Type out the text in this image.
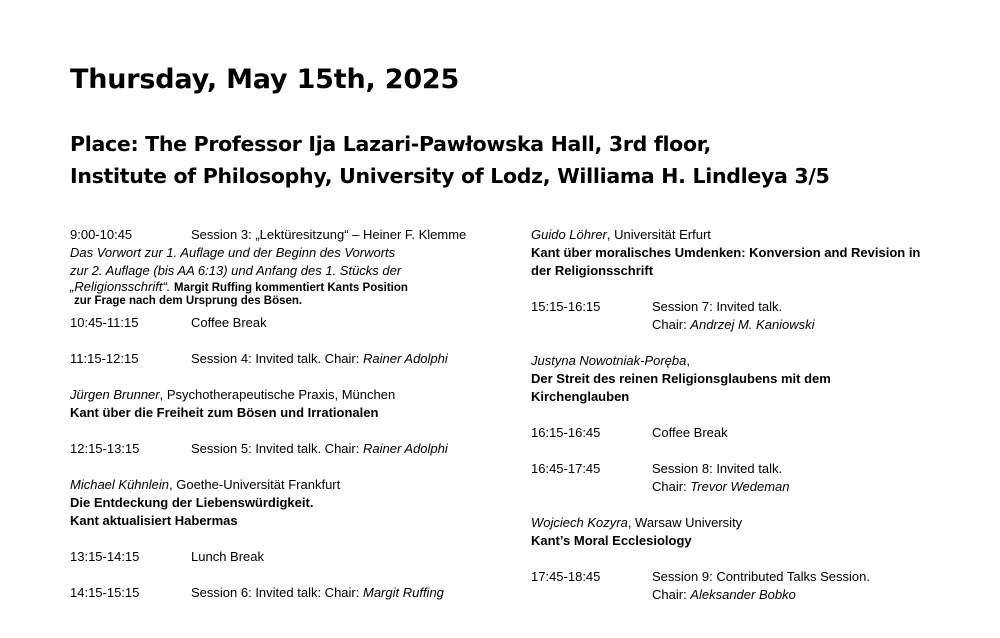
Thursday, May 15th, 2025
Place: The Professor Ija Lazari-Pawłowska Hall, 3rd floor,
Institute of Philosophy, University of Lodz, Williama H. Lindleya 3/5
9:00-10:45	Session 3: „Lektüresitzung“ – Heiner F. Klemme
Das Vorwort zur 1. Auflage und der Beginn des Vorworts
zur 2. Auflage (bis AA 6:13) und Anfang des 1. Stücks der
„Religionsschrift“. Margit Ruffing kommentiert Kants Position
zur Frage nach dem Ursprung des Bösen.
10:45-11:15	Coffee Break
11:15-12:15	Session 4: Invited talk. Chair: Rainer Adolphi
Jürgen Brunner, Psychotherapeutische Praxis, München
Kant über die Freiheit zum Bösen und Irrationalen
12:15-13:15	Session 5: Invited talk. Chair: Rainer Adolphi
Michael Kühnlein, Goethe-Universität Frankfurt
Die Entdeckung der Liebenswürdigkeit.
Kant aktualisiert Habermas
13:15-14:15	Lunch Break
14:15-15:15	Session 6: Invited talk: Chair: Margit Ruffing
Guido Löhrer, Universität Erfurt
Kant über moralisches Umdenken: Konversion and Revision in
der Religionsschrift
15:15-16:15	Session 7: Invited talk.
Chair: Andrzej M. Kaniowski
Justyna Nowotniak-Poręba,
Der Streit des reinen Religionsglaubens mit dem
Kirchenglauben
16:15-16:45	Coffee Break
16:45-17:45	Session 8: Invited talk.
Chair: Trevor Wedeman
Wojciech Kozyra, Warsaw University
Kant’s Moral Ecclesiology
17:45-18:45	Session 9: Contributed Talks Session.
Chair: Aleksander Bobko
